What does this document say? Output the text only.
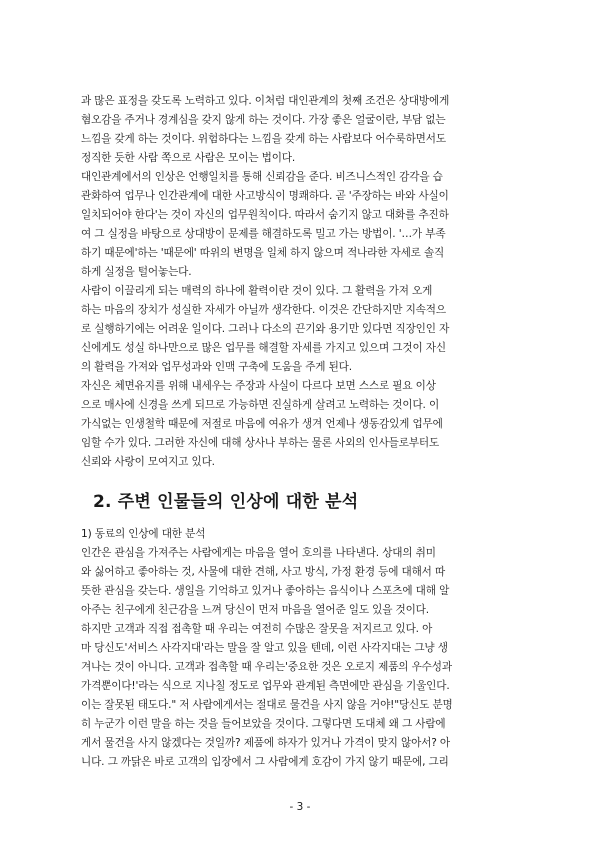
과 많은 표정을 갖도록 노력하고 있다. 이처럼 대인관계의 첫째 조건은 상대방에게
혐오감을 주거나 경계심을 갖지 않게 하는 것이다. 가장 좋은 얼굴이란, 부담 없는
느낌을 갖게 하는 것이다. 위험하다는 느낌을 갖게 하는 사람보다 어수룩하면서도
정직한 듯한 사람 쪽으로 사람은 모이는 법이다.
대인관계에서의 인상은 언행일치를 통해 신뢰감을 준다. 비즈니스적인 감각을 습
관화하여 업무나 인간관계에 대한 사고방식이 명쾌하다. 곧 '주장하는 바와 사실이
일치되어야 한다'는 것이 자신의 업무원칙이다. 따라서 숨기지 않고 대화를 추진하
여 그 실정을 바탕으로 상대방이 문제를 해결하도록 밀고 가는 방법이. '…가 부족
하기 때문에'하는 '때문에' 따위의 변명을 일체 하지 않으며 적나라한 자세로 솔직
하게 실정을 털어놓는다.
사람이 이끌리게 되는 매력의 하나에 활력이란 것이 있다. 그 활력을 가져 오게
하는 마음의 장치가 성실한 자세가 아닐까 생각한다. 이것은 간단하지만 지속적으
로 실행하기에는 어려운 일이다. 그러나 다소의 끈기와 용기만 있다면 직장인인 자
신에게도 성실 하나만으로 많은 업무를 해결할 자세를 가지고 있으며 그것이 자신
의 활력을 가져와 업무성과와 인맥 구축에 도움을 주게 된다.
자신은 체면유지를 위해 내세우는 주장과 사실이 다르다 보면 스스로 필요 이상
으로 매사에 신경을 쓰게 되므로 가능하면 진실하게 살려고 노력하는 것이다. 이
가식없는 인생철학 때문에 저절로 마음에 여유가 생겨 언제나 생동감있게 업무에
임할 수가 있다. 그러한 자신에 대해 상사나 부하는 물론 사외의 인사들로부터도
신뢰와 사랑이 모여지고 있다.
2. 주변 인물들의 인상에 대한 분석
1) 동료의 인상에 대한 분석
인간은 관심을 가져주는 사람에게는 마음을 열어 호의를 나타낸다. 상대의 취미
와 싫어하고 좋아하는 것, 사물에 대한 견해, 사고 방식, 가정 환경 등에 대해서 따
뜻한 관심을 갖는다. 생일을 기억하고 있거나 좋아하는 음식이나 스포츠에 대해 알
아주는 친구에게 친근감을 느껴 당신이 먼저 마음을 열어준 일도 있을 것이다.
하지만 고객과 직접 접촉할 때 우리는 여전히 수많은 잘못을 저지르고 있다. 아
마 당신도'서비스 사각지대'라는 말을 잘 알고 있을 텐데, 이런 사각지대는 그냥 생
겨나는 것이 아니다. 고객과 접촉할 때 우리는'중요한 것은 오로지 제품의 우수성과
가격뿐이다!'라는 식으로 지나칠 정도로 업무와 관계된 측면에만 관심을 기울인다.
이는 잘못된 태도다." 저 사람에게서는 절대로 물건을 사지 않을 거야!"당신도 분명
히 누군가 이런 말을 하는 것을 들어보았을 것이다. 그렇다면 도대체 왜 그 사람에
게서 물건을 사지 않겠다는 것일까? 제품에 하자가 있거나 가격이 맞지 않아서? 아
니다. 그 까닭은 바로 고객의 입장에서 그 사람에게 호감이 가지 않기 때문에, 그리
- 3 -
